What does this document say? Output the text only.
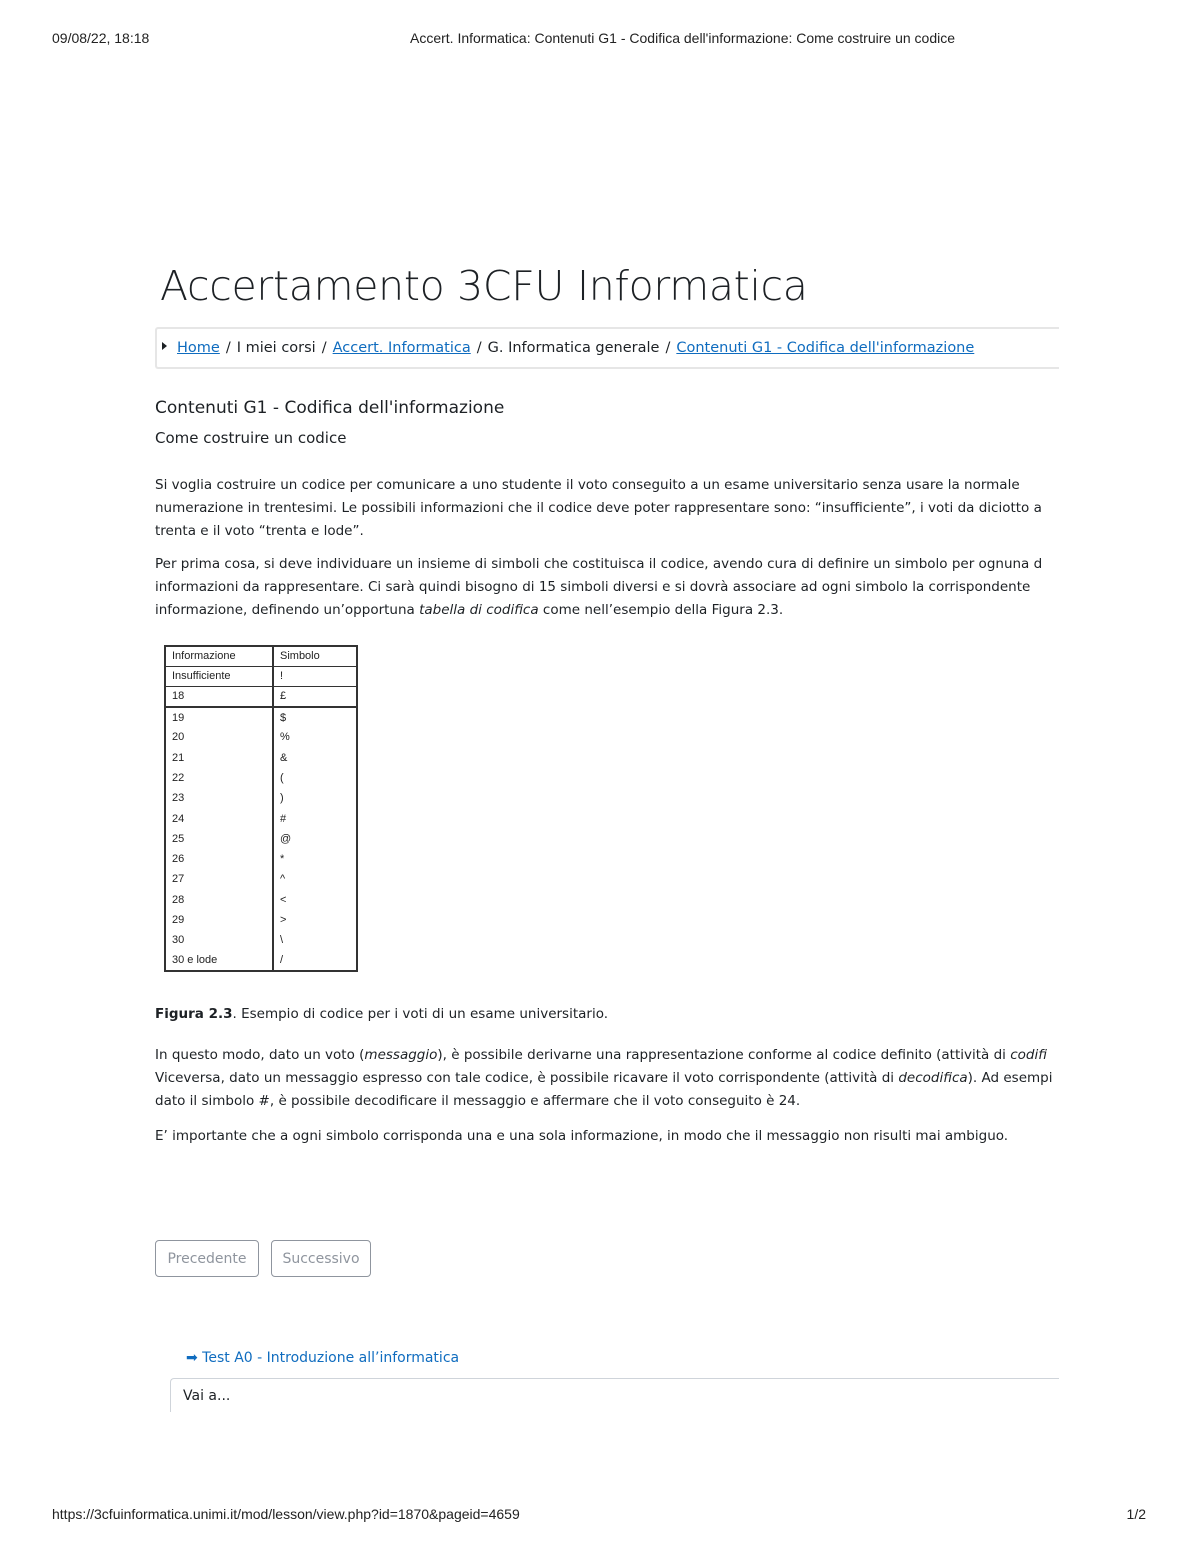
09/08/22, 18:18	Accert. Informatica: Contenuti G1 - Codifica dell'informazione: Come costruire un codice
Accertamento 3CFU Informatica
Home / I miei corsi / Accert. Informatica / G. Informatica generale / Contenuti G1 - Codifica dell'informazione
Contenuti G1 - Codifica dell'informazione
Come costruire un codice

Si voglia costruire un codice per comunicare a uno studente il voto conseguito a un esame universitario senza usare la normale
numerazione in trentesimi. Le possibili informazioni che il codice deve poter rappresentare sono: “insufficiente”, i voti da diciotto a
trenta e il voto “trenta e lode”.

Per prima cosa, si deve individuare un insieme di simboli che costituisca il codice, avendo cura di definire un simbolo per ognuna d
informazioni da rappresentare. Ci sarà quindi bisogno di 15 simboli diversi e si dovrà associare ad ogni simbolo la corrispondente
informazione, definendo un’opportuna tabella di codifica come nell’esempio della Figura 2.3.

Informazione	Simbolo
Insufficiente	!
18	£
19	$
20	%
21	&
22	(
23	)
24	#
25	@
26	*
27	^
28	<
29	>
30	\
30 e lode	/
Figura 2.3. Esempio di codice per i voti di un esame universitario.

In questo modo, dato un voto (messaggio), è possibile derivarne una rappresentazione conforme al codice definito (attività di codifi
Viceversa, dato un messaggio espresso con tale codice, è possibile ricavare il voto corrispondente (attività di decodifica). Ad esempi
dato il simbolo #, è possibile decodificare il messaggio e affermare che il voto conseguito è 24.

E’ importante che a ogni simbolo corrisponda una e una sola informazione, in modo che il messaggio non risulti mai ambiguo.

Precedente	Successivo
➡ Test A0 - Introduzione all’informatica
Vai a...
https://3cfuinformatica.unimi.it/mod/lesson/view.php?id=1870&pageid=4659	1/2
